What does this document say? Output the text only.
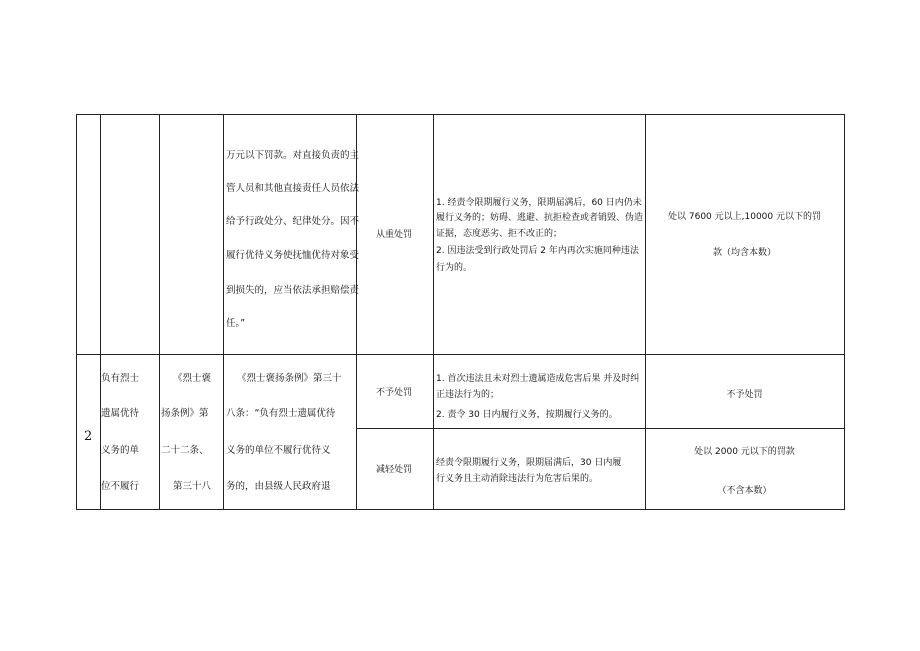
万元以下罚款。对直接负责的主
管人员和其他直接责任人员依法
给予行政处分、纪律处分。因不
履行优待义务使抚恤优待对象受
到损失的，应当依法承担赔偿责
任。”
从重处罚
1. 经责令限期履行义务，限期届满后，60 日内仍未
履行义务的；妨碍、逃避、抗拒检查或者销毁、伪造
证据，态度恶劣、拒不改正的；
2. 因违法受到行政处罚后 2 年内再次实施同种违法
行为的。
处以 7600 元以上,10000 元以下的罚
款（均含本数）
2
负有烈士
遗属优待
义务的单
位不履行
《烈士褒
扬条例》第
二十二条、
第三十八
《烈士褒扬条例》第三十
八条：“负有烈士遗属优待
义务的单位不履行优待义
务的，由县级人民政府退
不予处罚
1. 首次违法且未对烈士遗属造成危害后果 并及时纠
正违法行为的；
2. 责令 30 日内履行义务，按期履行义务的。
不予处罚
减轻处罚
经责令限期履行义务，限期届满后，30 日内履
行义务且主动消除违法行为危害后果的。
处以 2000 元以下的罚款
（不含本数）
